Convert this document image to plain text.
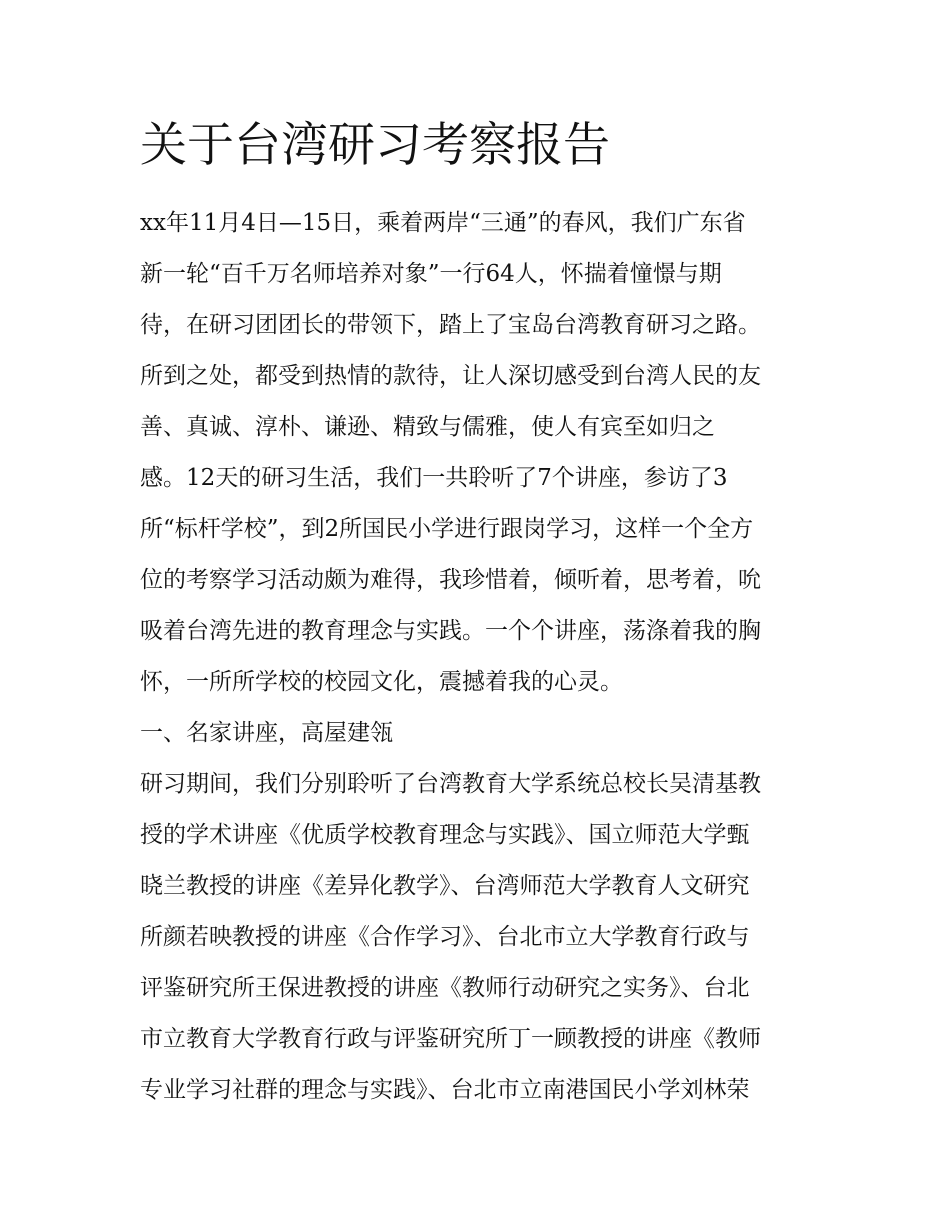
关于台湾研习考察报告
xx年11月4日—15日，乘着两岸“三通”的春风，我们广东省
新一轮“百千万名师培养对象”一行64人，怀揣着憧憬与期
待，在研习团团长的带领下，踏上了宝岛台湾教育研习之路。
所到之处，都受到热情的款待，让人深切感受到台湾人民的友
善、真诚、淳朴、谦逊、精致与儒雅，使人有宾至如归之
感。12天的研习生活，我们一共聆听了7个讲座，参访了3
所“标杆学校”，到2所国民小学进行跟岗学习，这样一个全方
位的考察学习活动颇为难得，我珍惜着，倾听着，思考着，吮
吸着台湾先进的教育理念与实践。一个个讲座，荡涤着我的胸
怀，一所所学校的校园文化，震撼着我的心灵。
一、名家讲座，高屋建瓴
研习期间，我们分别聆听了台湾教育大学系统总校长吴清基教
授的学术讲座《优质学校教育理念与实践》、国立师范大学甄
晓兰教授的讲座《差异化教学》、台湾师范大学教育人文研究
所颜若映教授的讲座《合作学习》、台北市立大学教育行政与
评鉴研究所王保进教授的讲座《教师行动研究之实务》、台北
市立教育大学教育行政与评鉴研究所丁一顾教授的讲座《教师
专业学习社群的理念与实践》、台北市立南港国民小学刘林荣
